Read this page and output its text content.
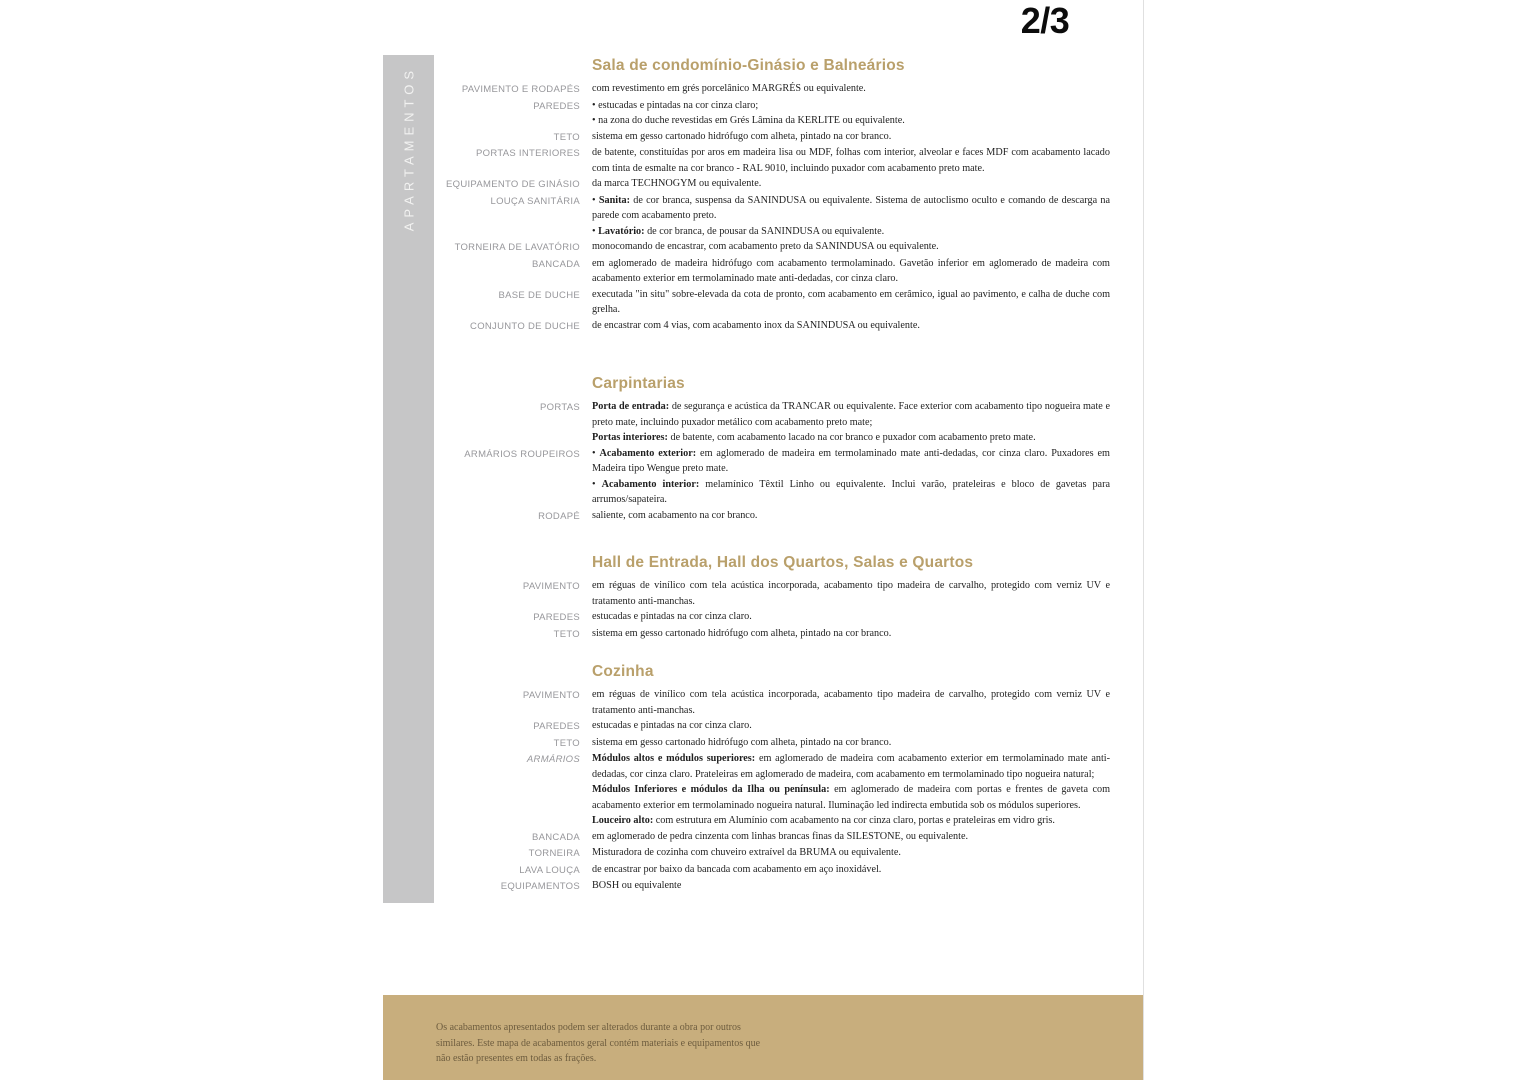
2/3
APARTAMENTOS
Sala de condomínio-Ginásio e Balneários
PAVIMENTO E RODAPÉS com revestimento em grés porcelânico MARGRÉS ou equivalente.

PAREDES • estucadas e pintadas na cor cinza claro;

• na zona do duche revestidas em Grés Lâmina da KERLITE ou equivalente.

TETO sistema em gesso cartonado hidrófugo com alheta, pintado na cor branco.

PORTAS INTERIORES de batente, constituídas por aros em madeira lisa ou MDF, folhas com interior, alveolar e faces MDF com acabamento lacado com tinta de esmalte na cor branco - RAL 9010, incluindo puxador com acabamento preto mate.

EQUIPAMENTO DE GINÁSIO da marca TECHNOGYM ou equivalente.

LOUÇA SANITÁRIA • Sanita: de cor branca, suspensa da SANINDUSA ou equivalente. Sistema de autoclismo oculto e comando de descarga na parede com acabamento preto.

• Lavatório: de cor branca, de pousar da SANINDUSA ou equivalente.

TORNEIRA DE LAVATÓRIO monocomando de encastrar, com acabamento preto da SANINDUSA ou equivalente.

BANCADA em aglomerado de madeira hidrófugo com acabamento termolaminado. Gavetão inferior em aglomerado de madeira com acabamento exterior em termolaminado mate anti-dedadas, cor cinza claro.

BASE DE DUCHE executada "in situ" sobre-elevada da cota de pronto, com acabamento em cerâmico, igual ao pavimento, e calha de duche com grelha.

CONJUNTO DE DUCHE de encastrar com 4 vias, com acabamento inox da SANINDUSA ou equivalente.

Carpintarias
PORTAS Porta de entrada: de segurança e acústica da TRANCAR ou equivalente. Face exterior com acabamento tipo nogueira mate e preto mate, incluindo puxador metálico com acabamento preto mate;

Portas interiores: de batente, com acabamento lacado na cor branco e puxador com acabamento preto mate.

ARMÁRIOS ROUPEIROS • Acabamento exterior: em aglomerado de madeira em termolaminado mate anti-dedadas, cor cinza claro. Puxadores em Madeira tipo Wengue preto mate.

• Acabamento interior: melamínico Têxtil Linho ou equivalente. Inclui varão, prateleiras e bloco de gavetas para arrumos/sapateira.

RODAPÉ saliente, com acabamento na cor branco.

Hall de Entrada, Hall dos Quartos, Salas e Quartos
PAVIMENTO em réguas de vinílico com tela acústica incorporada, acabamento tipo madeira de carvalho, protegido com verniz UV e tratamento anti-manchas.

PAREDES estucadas e pintadas na cor cinza claro.

TETO sistema em gesso cartonado hidrófugo com alheta, pintado na cor branco.

Cozinha
PAVIMENTO em réguas de vinílico com tela acústica incorporada, acabamento tipo madeira de carvalho, protegido com verniz UV e tratamento anti-manchas.

PAREDES estucadas e pintadas na cor cinza claro.

TETO sistema em gesso cartonado hidrófugo com alheta, pintado na cor branco.

ARMÁRIOS Módulos altos e módulos superiores: em aglomerado de madeira com acabamento exterior em termolaminado mate anti-dedadas, cor cinza claro. Prateleiras em aglomerado de madeira, com acabamento em termolaminado tipo nogueira natural;

Módulos Inferiores e módulos da Ilha ou península: em aglomerado de madeira com portas e frentes de gaveta com acabamento exterior em termolaminado nogueira natural. Iluminação led indirecta embutida sob os módulos superiores.

Louceiro alto: com estrutura em Alumínio com acabamento na cor cinza claro, portas e prateleiras em vidro gris.

BANCADA em aglomerado de pedra cinzenta com linhas brancas finas da SILESTONE, ou equivalente.

TORNEIRA Misturadora de cozinha com chuveiro extraível da BRUMA ou equivalente.

LAVA LOUÇA de encastrar por baixo da bancada com acabamento em aço inoxidável.

EQUIPAMENTOS BOSH ou equivalente

Os acabamentos apresentados podem ser alterados durante a obra por outros similares. Este mapa de acabamentos geral contém materiais e equipamentos que não estão presentes em todas as frações.
